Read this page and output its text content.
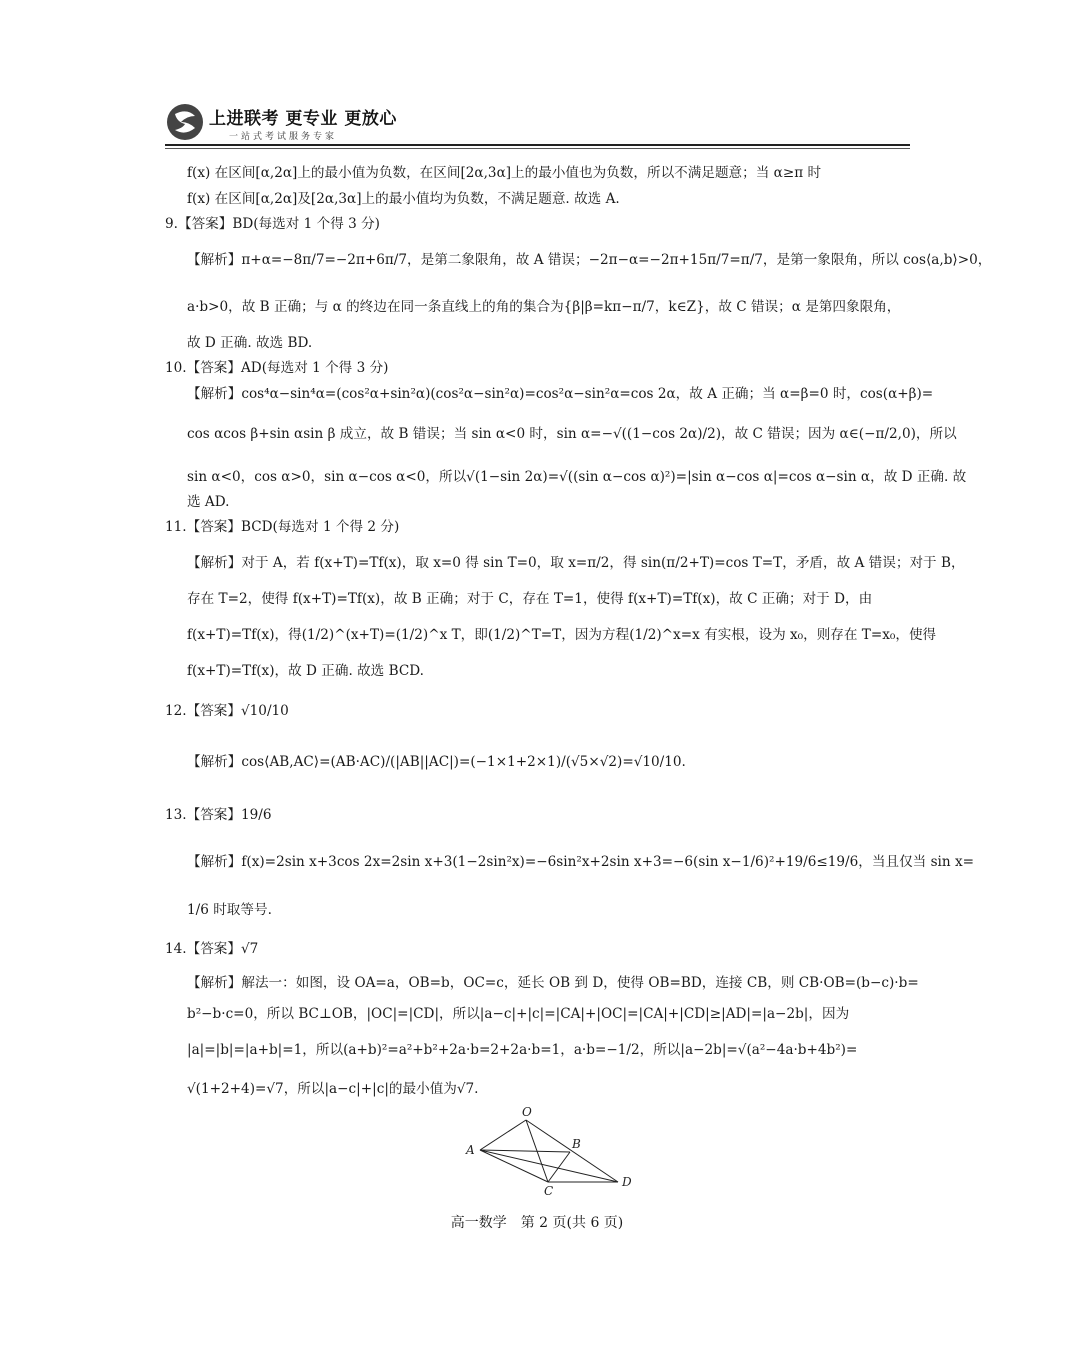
上进联考 更专业 更放心
一站式考试服务专家
f(x) 在区间[α,2α]上的最小值为负数，在区间[2α,3α]上的最小值也为负数，所以不满足题意；当 α≥π 时
f(x) 在区间[α,2α]及[2α,3α]上的最小值均为负数，不满足题意. 故选 A.
9.【答案】BD(每选对 1 个得 3 分)
【解析】π+α=−8π/7=−2π+6π/7，是第二象限角，故 A 错误；−2π−α=−2π+15π/7=π/7，是第一象限角，所以 cos⟨a,b⟩>0，
a·b>0，故 B 正确；与 α 的终边在同一条直线上的角的集合为{β|β=kπ−π/7，k∈Z}，故 C 错误；α 是第四象限角，
故 D 正确. 故选 BD.
10.【答案】AD(每选对 1 个得 3 分)
【解析】cos⁴α−sin⁴α=(cos²α+sin²α)(cos²α−sin²α)=cos²α−sin²α=cos 2α，故 A 正确；当 α=β=0 时，cos(α+β)=
cos αcos β+sin αsin β 成立，故 B 错误；当 sin α<0 时，sin α=−√((1−cos 2α)/2)，故 C 错误；因为 α∈(−π/2,0)，所以
sin α<0，cos α>0，sin α−cos α<0，所以√(1−sin 2α)=√((sin α−cos α)²)=|sin α−cos α|=cos α−sin α，故 D 正确. 故
选 AD.
11.【答案】BCD(每选对 1 个得 2 分)
【解析】对于 A，若 f(x+T)=Tf(x)，取 x=0 得 sin T=0，取 x=π/2，得 sin(π/2+T)=cos T=T，矛盾，故 A 错误；对于 B，
存在 T=2，使得 f(x+T)=Tf(x)，故 B 正确；对于 C，存在 T=1，使得 f(x+T)=Tf(x)，故 C 正确；对于 D，由
f(x+T)=Tf(x)，得(1/2)^(x+T)=(1/2)^x T，即(1/2)^T=T，因为方程(1/2)^x=x 有实根，设为 x₀，则存在 T=x₀，使得
f(x+T)=Tf(x)，故 D 正确. 故选 BCD.
12.【答案】√10/10
【解析】cos⟨AB,AC⟩=(AB·AC)/(|AB||AC|)=(−1×1+2×1)/(√5×√2)=√10/10.
13.【答案】19/6
【解析】f(x)=2sin x+3cos 2x=2sin x+3(1−2sin²x)=−6sin²x+2sin x+3=−6(sin x−1/6)²+19/6≤19/6，当且仅当 sin x=
1/6 时取等号.
14.【答案】√7
【解析】解法一：如图，设 OA=a，OB=b，OC=c，延长 OB 到 D，使得 OB=BD，连接 CB，则 CB·OB=(b−c)·b=
b²−b·c=0，所以 BC⊥OB，|OC|=|CD|，所以|a−c|+|c|=|CA|+|OC|=|CA|+|CD|≥|AD|=|a−2b|，因为
|a|=|b|=|a+b|=1，所以(a+b)²=a²+b²+2a·b=2+2a·b=1，a·b=−1/2，所以|a−2b|=√(a²−4a·b+4b²)=
√(1+2+4)=√7，所以|a−c|+|c|的最小值为√7.
O
A	B
C
D
高一数学　第 2 页(共 6 页)
